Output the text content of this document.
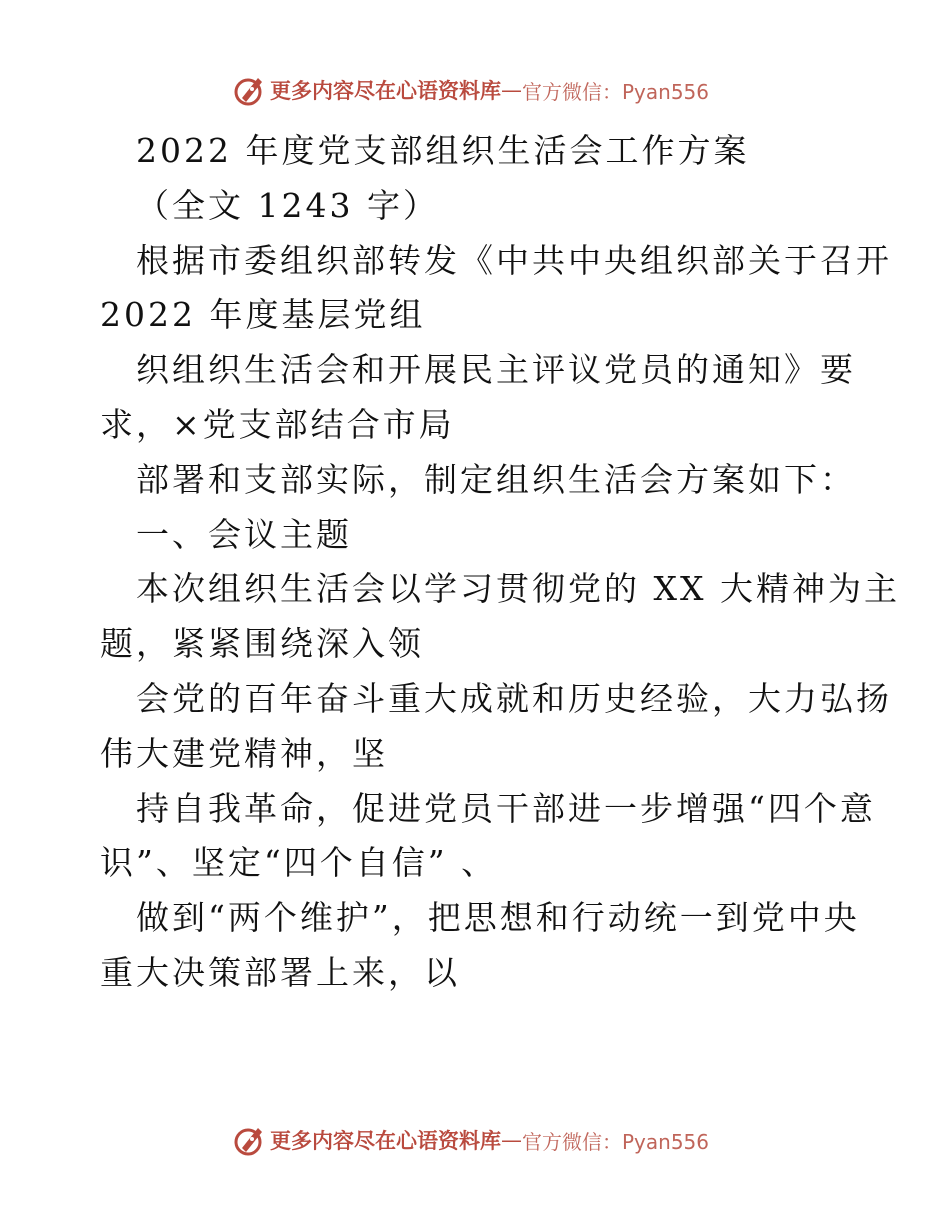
更多内容尽在心语资料库 — 官方微信：Pyan556
2022 年度党支部组织生活会工作方案
（全文 1243 字）
根据市委组织部转发《中共中央组织部关于召开
2022 年度基层党组
织组织生活会和开展民主评议党员的通知》要
求，×党支部结合市局
部署和支部实际，制定组织生活会方案如下：
一、会议主题
本次组织生活会以学习贯彻党的 XX 大精神为主
题，紧紧围绕深入领
会党的百年奋斗重大成就和历史经验，大力弘扬
伟大建党精神，坚
持自我革命，促进党员干部进一步增强“四个意
识”、坚定“四个自信” 、
做到“两个维护”，把思想和行动统一到党中央
重大决策部署上来，以
更多内容尽在心语资料库 — 官方微信：Pyan556
